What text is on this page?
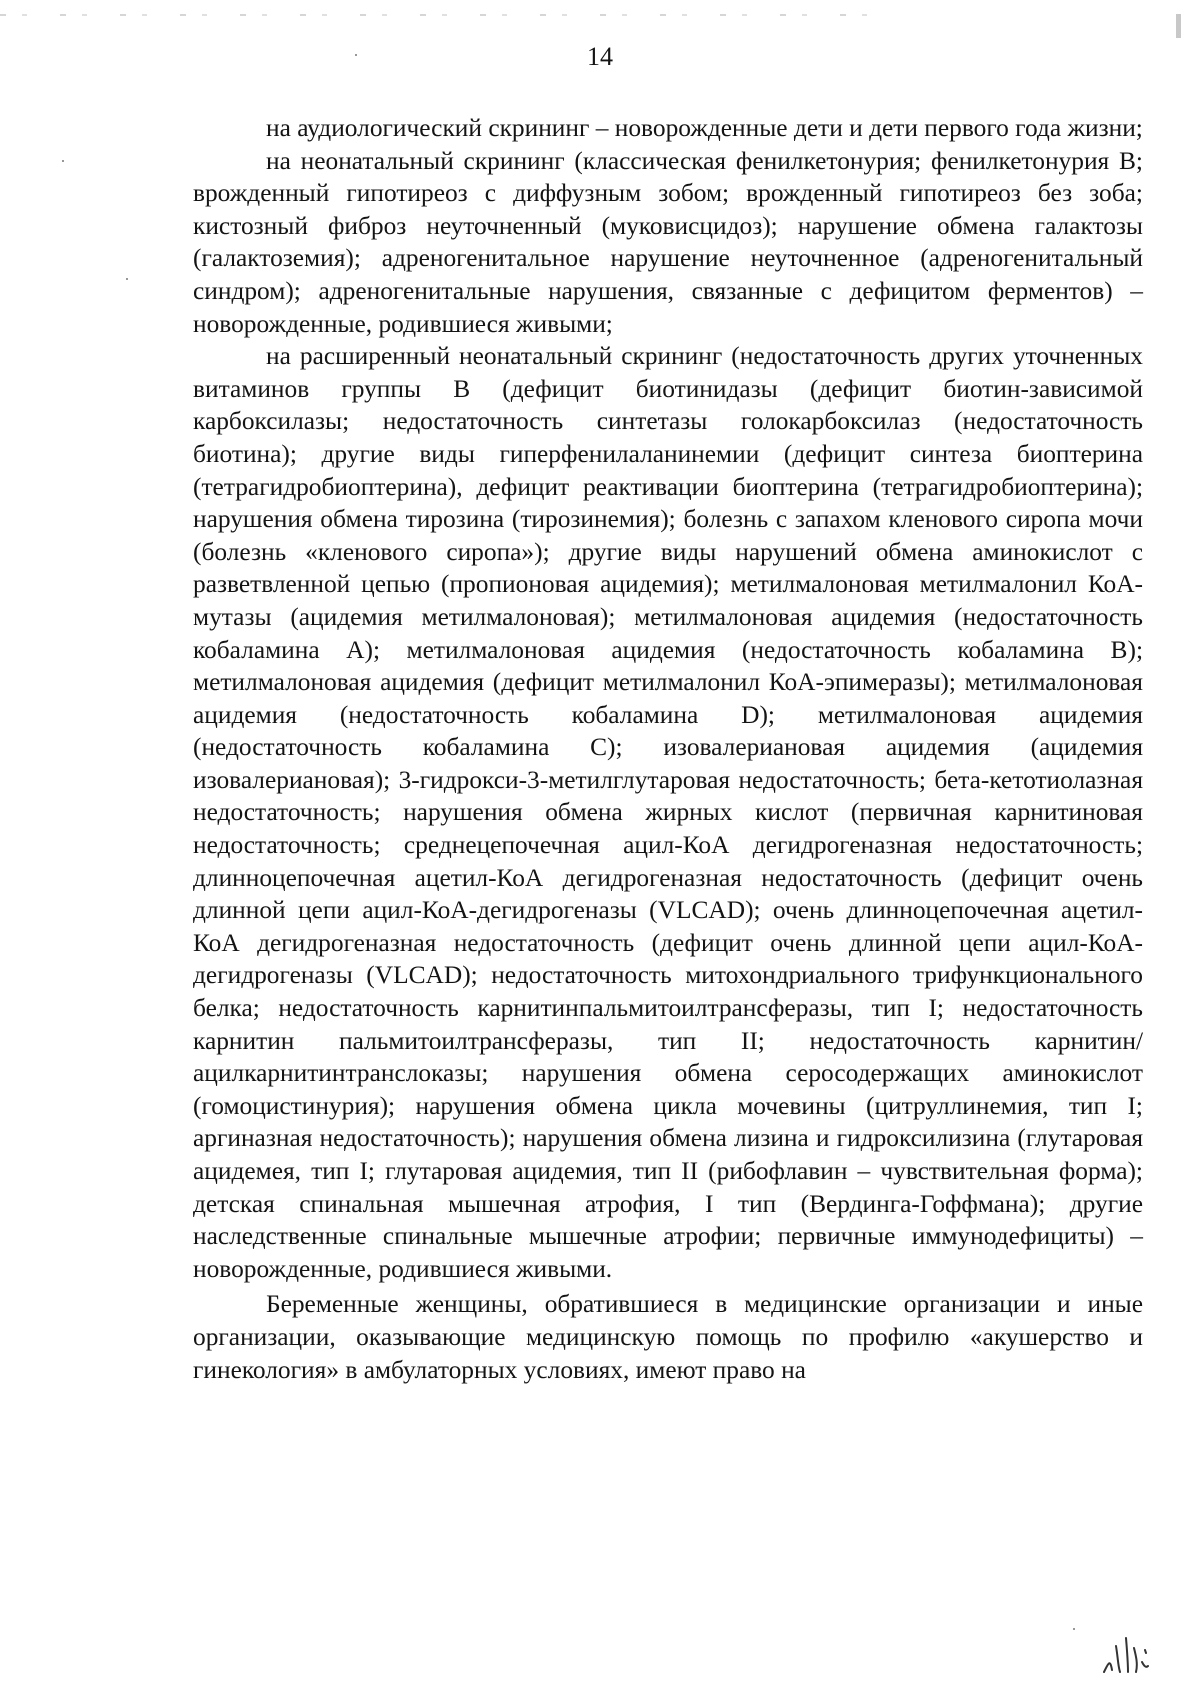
14

на аудиологический скрининг – новорожденные дети и дети первого года жизни;

на неонатальный скрининг (классическая фенилкетонурия; фенилкетонурия B; врожденный гипотиреоз с диффузным зобом; врожденный гипотиреоз без зоба; кистозный фиброз неуточненный (муковисцидоз); нарушение обмена галактозы (галактоземия); адреногенитальное нарушение неуточненное (адреногенитальный синдром); адреногенитальные нарушения, связанные с дефицитом ферментов) – новорожденные, родившиеся живыми;

на расширенный неонатальный скрининг (недостаточность других уточненных витаминов группы В (дефицит биотинидазы (дефицит биотин-зависимой карбоксилазы; недостаточность синтетазы голокарбоксилаз (недостаточность биотина); другие виды гиперфенилаланинемии (дефицит синтеза биоптерина (тетрагидробиоптерина), дефицит реактивации биоптерина (тетрагидробиоптерина); нарушения обмена тирозина (тирозинемия); болезнь с запахом кленового сиропа мочи (болезнь «кленового сиропа»); другие виды нарушений обмена аминокислот с разветвленной цепью (пропионовая ацидемия); метилмалоновая метилмалонил КоА-мутазы (ацидемия метилмалоновая); метилмалоновая ацидемия (недостаточность кобаламина А); метилмалоновая ацидемия (недостаточность кобаламина В); метилмалоновая ацидемия (дефицит метилмалонил КоА-эпимеразы); метилмалоновая ацидемия (недостаточность кобаламина D); метилмалоновая ацидемия (недостаточность кобаламина С); изовалериановая ацидемия (ацидемия изовалериановая); 3-гидрокси-3-метилглутаровая недостаточность; бета-кетотиолазная недостаточность; нарушения обмена жирных кислот (первичная карнитиновая недостаточность; среднецепочечная ацил-КоА дегидрогеназная недостаточность; длинноцепочечная ацетил-КоА дегидрогеназная недостаточность (дефицит очень длинной цепи ацил-КоА-дегидрогеназы (VLCAD); очень длинноцепочечная ацетил-КоА дегидрогеназная недостаточность (дефицит очень длинной цепи ацил-КоА-дегидрогеназы (VLCAD); недостаточность митохондриального трифункционального белка; недостаточность карнитинпальмитоилтрансферазы, тип I; недостаточность карнитин пальмитоилтрансферазы, тип II; недостаточность карнитин/ацилкарнитинтранслоказы; нарушения обмена серосодержащих аминокислот (гомоцистинурия); нарушения обмена цикла мочевины (цитруллинемия, тип I; аргиназная недостаточность); нарушения обмена лизина и гидроксилизина (глутаровая ацидемея, тип I; глутаровая ацидемия, тип II (рибофлавин – чувствительная форма); детская спинальная мышечная атрофия, I тип (Вердинга-Гоффмана); другие наследственные спинальные мышечные атрофии; первичные иммунодефициты) – новорожденные, родившиеся живыми.

Беременные женщины, обратившиеся в медицинские организации и иные организации, оказывающие медицинскую помощь по профилю «акушерство и гинекология» в амбулаторных условиях, имеют право на
